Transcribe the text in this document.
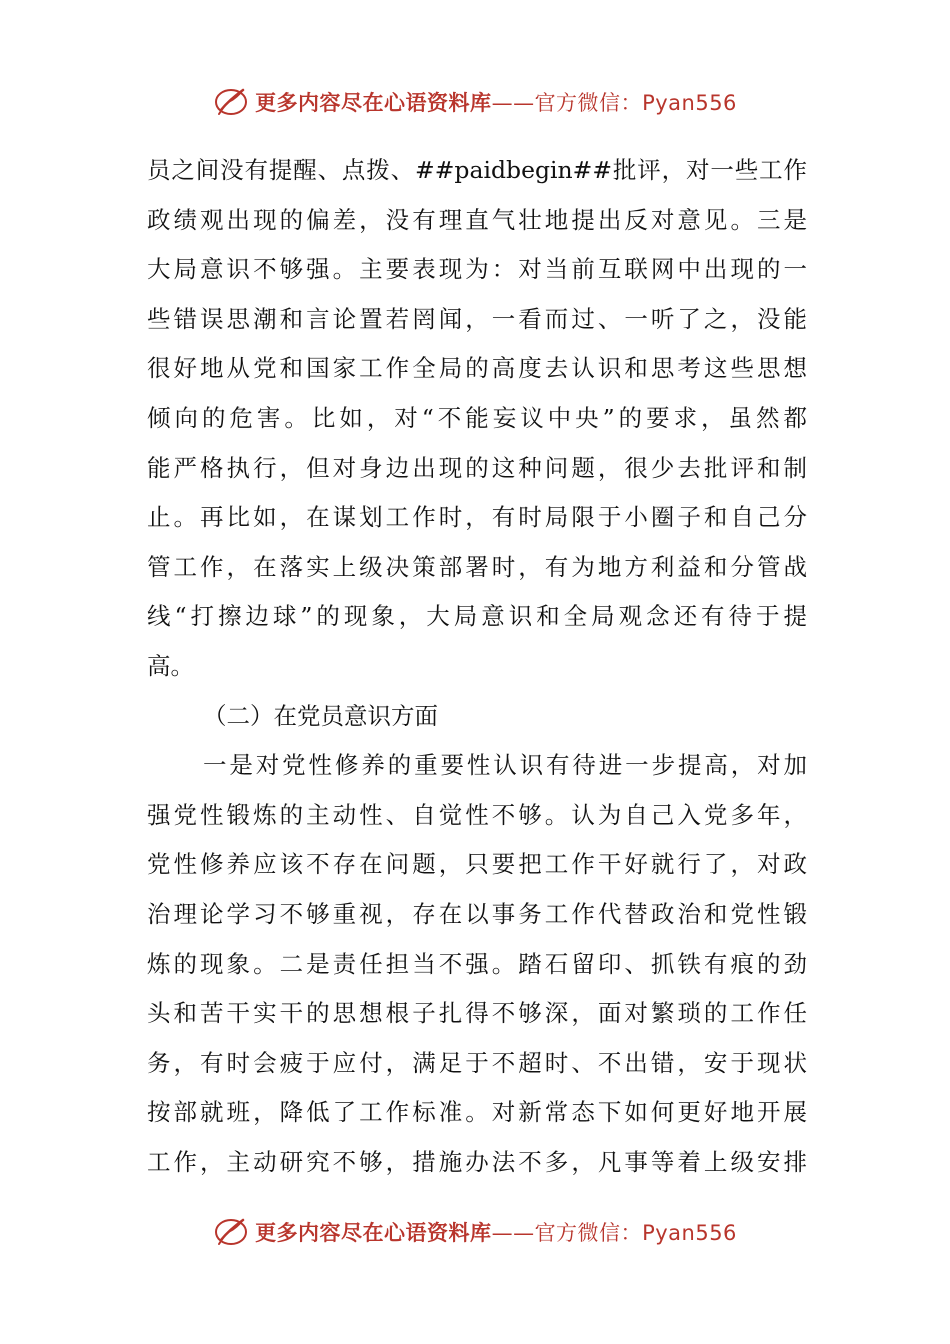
更多内容尽在心语资料库——官方微信：Pyan556
员之间没有提醒、点拨、##paidbegin##批评，对一些工作
政绩观出现的偏差，没有理直气壮地提出反对意见。三是
大局意识不够强。主要表现为：对当前互联网中出现的一
些错误思潮和言论置若罔闻，一看而过、一听了之，没能
很好地从党和国家工作全局的高度去认识和思考这些思想
倾向的危害。比如，对“不能妄议中央”的要求，虽然都
能严格执行，但对身边出现的这种问题，很少去批评和制
止。再比如，在谋划工作时，有时局限于小圈子和自己分
管工作，在落实上级决策部署时，有为地方利益和分管战
线“打擦边球”的现象，大局意识和全局观念还有待于提
高。
（二）在党员意识方面
一是对党性修养的重要性认识有待进一步提高，对加
强党性锻炼的主动性、自觉性不够。认为自己入党多年，
党性修养应该不存在问题，只要把工作干好就行了，对政
治理论学习不够重视，存在以事务工作代替政治和党性锻
炼的现象。二是责任担当不强。踏石留印、抓铁有痕的劲
头和苦干实干的思想根子扎得不够深，面对繁琐的工作任
务，有时会疲于应付，满足于不超时、不出错，安于现状
按部就班，降低了工作标准。对新常态下如何更好地开展
工作，主动研究不够，措施办法不多，凡事等着上级安排
更多内容尽在心语资料库——官方微信：Pyan556
